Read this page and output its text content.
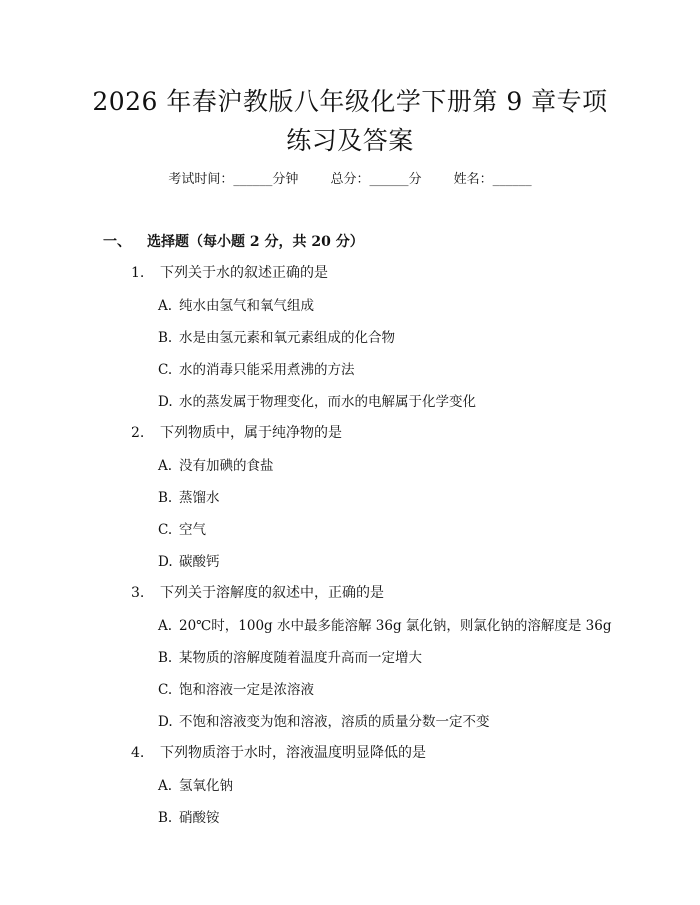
2026 年春沪教版八年级化学下册第 9 章专项
练习及答案
考试时间：______分钟 总分：______分 姓名：______
一、 选择题（每小题 2 分，共 20 分）
1. 下列关于水的叙述正确的是
A. 纯水由氢气和氧气组成
B. 水是由氢元素和氧元素组成的化合物
C. 水的消毒只能采用煮沸的方法
D. 水的蒸发属于物理变化，而水的电解属于化学变化
2. 下列物质中，属于纯净物的是
A. 没有加碘的食盐
B. 蒸馏水
C. 空气
D. 碳酸钙
3. 下列关于溶解度的叙述中，正确的是
A. 20℃时，100g 水中最多能溶解 36g 氯化钠，则氯化钠的溶解度是 36g
B. 某物质的溶解度随着温度升高而一定增大
C. 饱和溶液一定是浓溶液
D. 不饱和溶液变为饱和溶液，溶质的质量分数一定不变
4. 下列物质溶于水时，溶液温度明显降低的是
A. 氢氧化钠
B. 硝酸铵
